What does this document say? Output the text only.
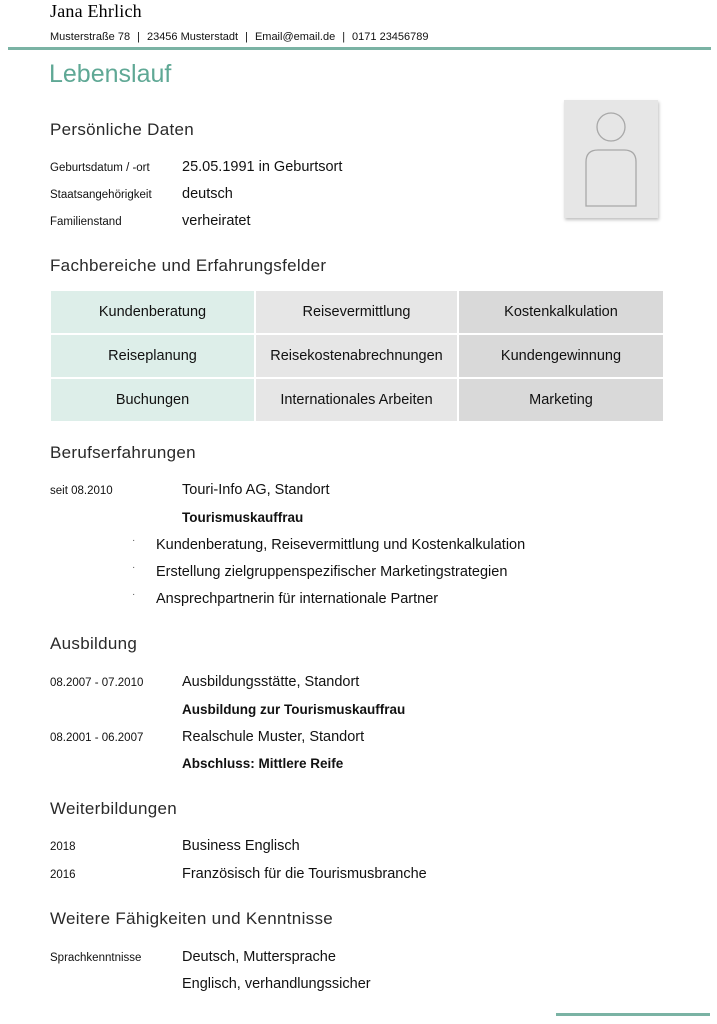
Jana Ehrlich
Musterstraße 78 | 23456 Musterstadt | Email@email.de | 0171 23456789
Lebenslauf
Persönliche Daten
Geburtsdatum / -ort 25.05.1991 in Geburtsort
Staatsangehörigkeit deutsch
Familienstand	verheiratet
Fachbereiche und Erfahrungsfelder
Kundenberatung	Reisevermittlung	Kostenkalkulation
Reiseplanung	Reisekostenabrechnungen	Kundengewinnung
Buchungen	Internationales Arbeiten	Marketing
Berufserfahrungen
seit 08.2010	Touri-Info AG, Standort
Tourismuskauffrau
· Kundenberatung, Reisevermittlung und Kostenkalkulation
· Erstellung zielgruppenspezifischer Marketingstrategien
· Ansprechpartnerin für internationale Partner
Ausbildung
08.2007 - 07.2010	Ausbildungsstätte, Standort
Ausbildung zur Tourismuskauffrau
08.2001 - 06.2007	Realschule Muster, Standort
Abschluss: Mittlere Reife
Weiterbildungen
2018	Business Englisch
2016	Französisch für die Tourismusbranche
Weitere Fähigkeiten und Kenntnisse
Sprachkenntnisse	Deutsch, Muttersprache
Englisch, verhandlungssicher
